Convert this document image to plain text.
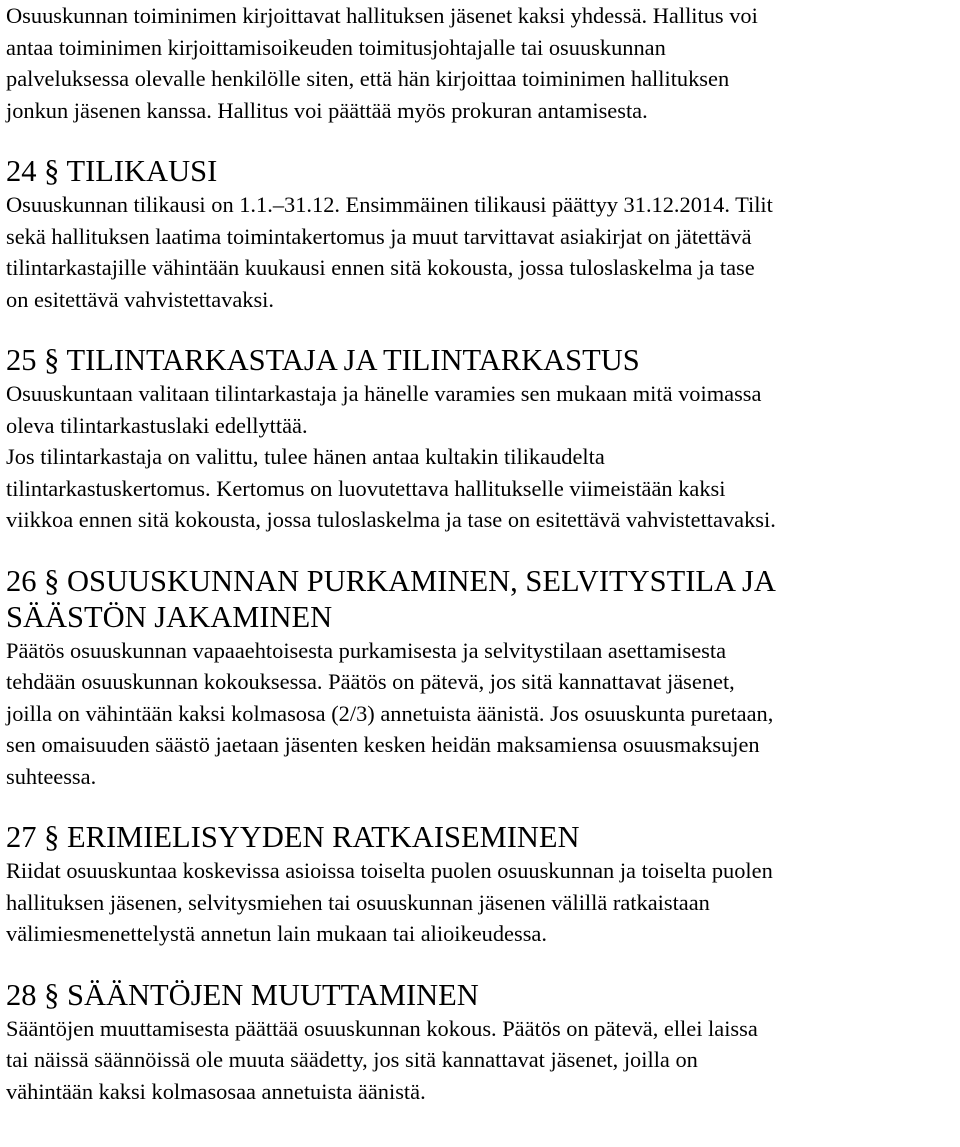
Osuuskunnan toiminimen kirjoittavat hallituksen jäsenet kaksi yhdessä. Hallitus voi
antaa toiminimen kirjoittamisoikeuden toimitusjohtajalle tai osuuskunnan
palveluksessa olevalle henkilölle siten, että hän kirjoittaa toiminimen hallituksen
jonkun jäsenen kanssa. Hallitus voi päättää myös prokuran antamisesta.
24 § TILIKAUSI
Osuuskunnan tilikausi on 1.1.–31.12. Ensimmäinen tilikausi päättyy 31.12.2014. Tilit
sekä hallituksen laatima toimintakertomus ja muut tarvittavat asiakirjat on jätettävä
tilintarkastajille vähintään kuukausi ennen sitä kokousta, jossa tuloslaskelma ja tase
on esitettävä vahvistettavaksi.
25 § TILINTARKASTAJA JA TILINTARKASTUS
Osuuskuntaan valitaan tilintarkastaja ja hänelle varamies sen mukaan mitä voimassa
oleva tilintarkastuslaki edellyttää.
Jos tilintarkastaja on valittu, tulee hänen antaa kultakin tilikaudelta
tilintarkastuskertomus. Kertomus on luovutettava hallitukselle viimeistään kaksi
viikkoa ennen sitä kokousta, jossa tuloslaskelma ja tase on esitettävä vahvistettavaksi.
26 § OSUUSKUNNAN PURKAMINEN, SELVITYSTILA JA
SÄÄSTÖN JAKAMINEN
Päätös osuuskunnan vapaaehtoisesta purkamisesta ja selvitystilaan asettamisesta
tehdään osuuskunnan kokouksessa. Päätös on pätevä, jos sitä kannattavat jäsenet,
joilla on vähintään kaksi kolmasosa (2/3) annetuista äänistä. Jos osuuskunta puretaan,
sen omaisuuden säästö jaetaan jäsenten kesken heidän maksamiensa osuusmaksujen
suhteessa.
27 § ERIMIELISYYDEN RATKAISEMINEN
Riidat osuuskuntaa koskevissa asioissa toiselta puolen osuuskunnan ja toiselta puolen
hallituksen jäsenen, selvitysmiehen tai osuuskunnan jäsenen välillä ratkaistaan
välimiesmenettelystä annetun lain mukaan tai alioikeudessa.
28 § SÄÄNTÖJEN MUUTTAMINEN
Sääntöjen muuttamisesta päättää osuuskunnan kokous. Päätös on pätevä, ellei laissa
tai näissä säännöissä ole muuta säädetty, jos sitä kannattavat jäsenet, joilla on
vähintään kaksi kolmasosaa annetuista äänistä.
